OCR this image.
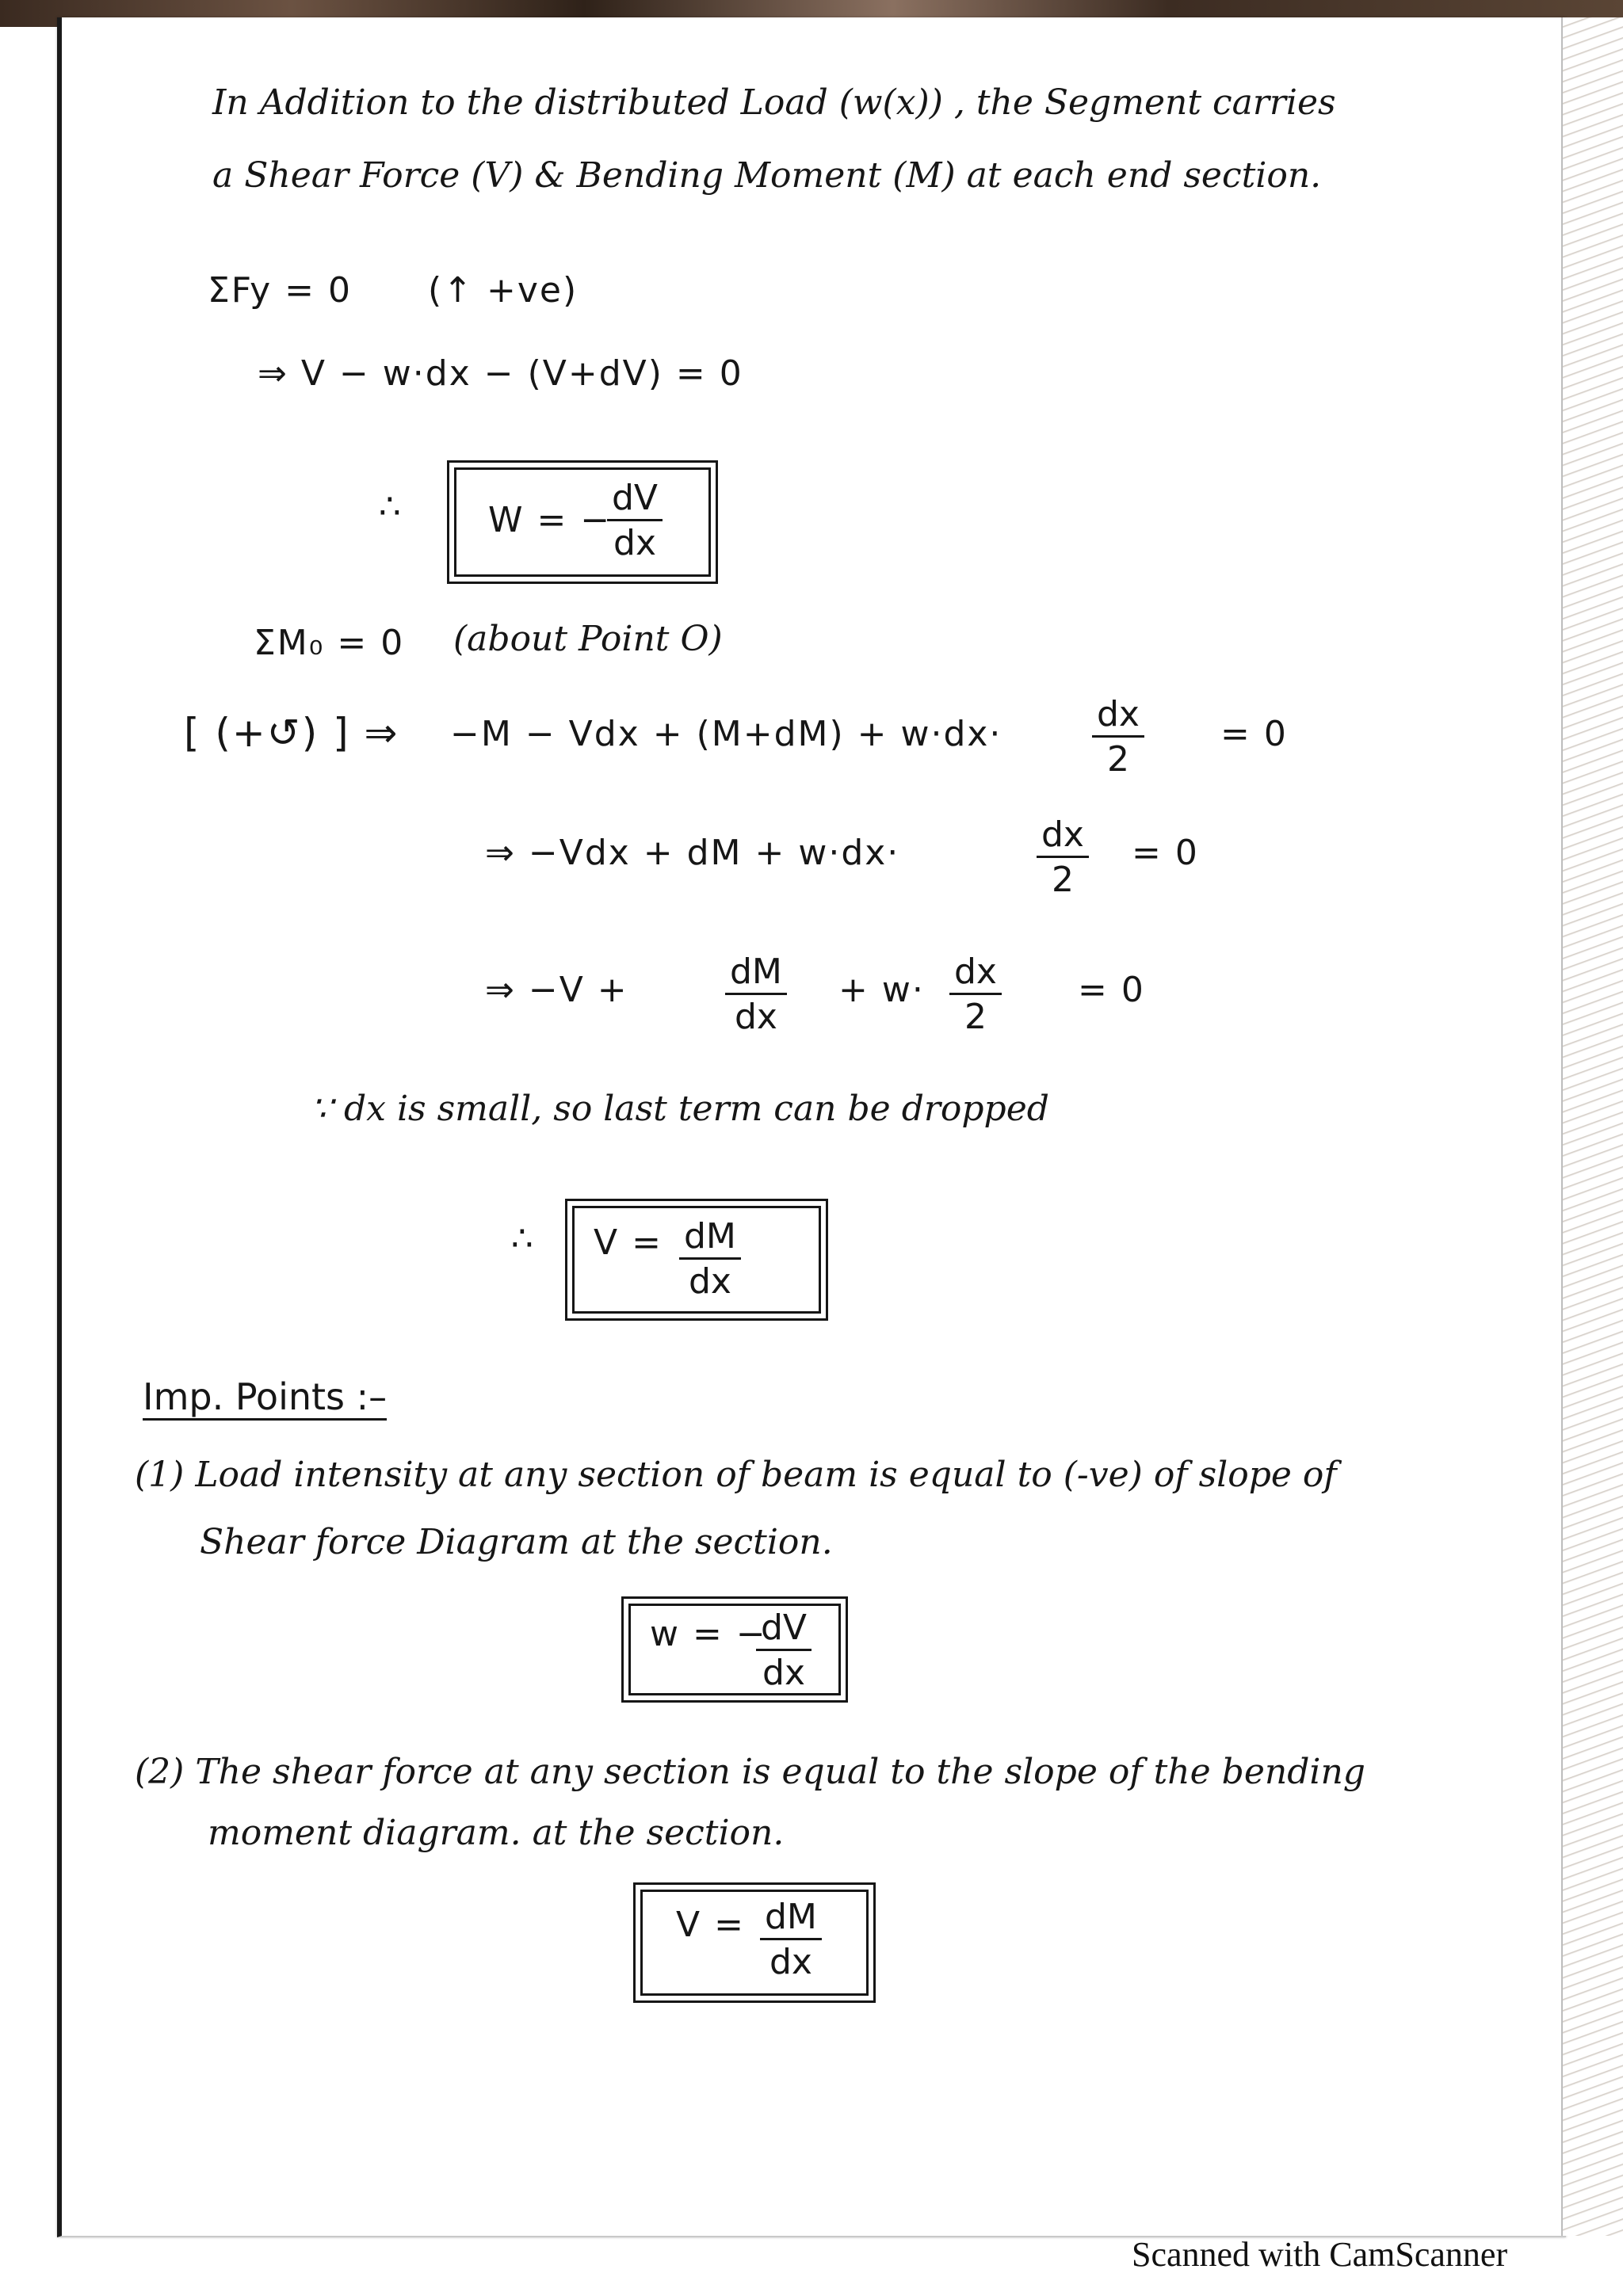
In Addition to the distributed Load (w(x)) , the Segment carries
a Shear Force (V) & Bending Moment (M) at each end section.
ΣFy = 0 (↑ +ve)
⇒ V − w·dx − (V+dV) = 0
∴ W = −
$\frac{dV}{dx}$
ΣM₀ = 0 (about Point O)
[ (+↺) ] ⇒ −M − Vdx + (M+dM) + w·dx·	$\frac{dx}{2} = 0$
⇒ −Vdx + dM + w·dx·	$\frac{dx}{2} = 0$
⇒ −V +	$\frac{dM}{dx} + w\cdot \frac{dx}{2} = 0$
∵ dx is small, so last term can be dropped
∴ $V = \frac{dM}{dx}$
Imp. Points :–
(1) Load intensity at any section of beam is equal to (-ve) of slope of
Shear force Diagram at the section.
w = −
$\frac{dV}{dx}$
(2) The shear force at any section is equal to the slope of the bending
moment diagram. at the section.
$V = \frac{dM}{dx}$
Scanned with CamScanner
